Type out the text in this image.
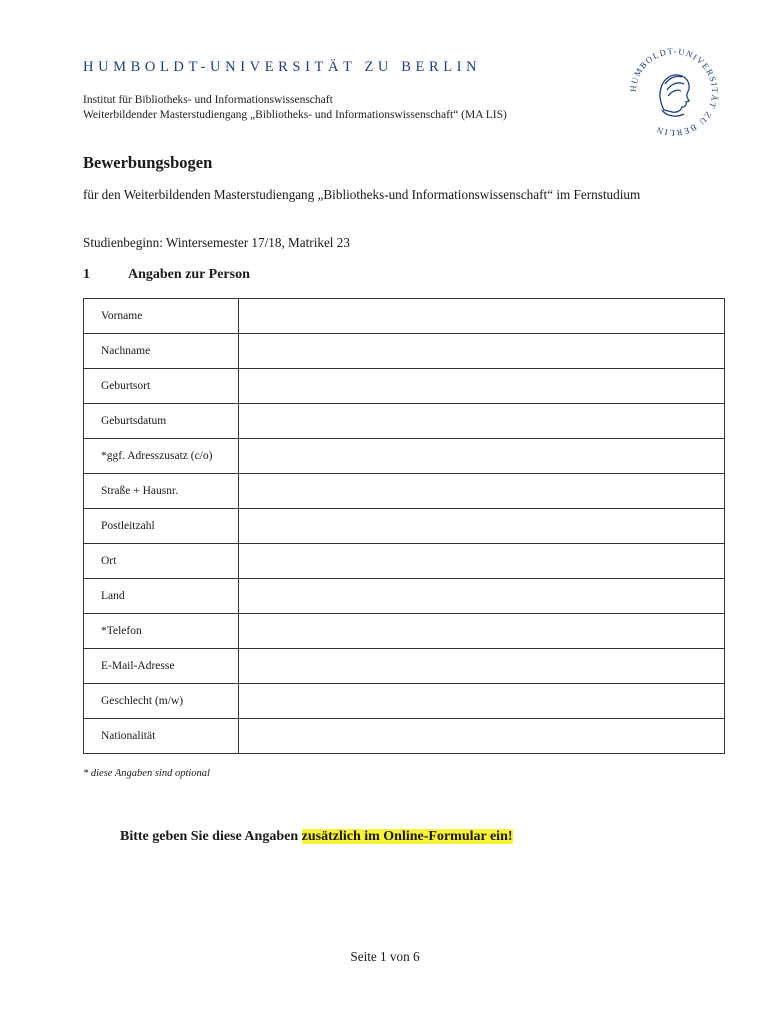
HUMBOLDT-UNIVERSITÄT ZU BERLIN
Institut für Bibliotheks- und Informationswissenschaft
Weiterbildender Masterstudiengang „Bibliotheks- und Informationswissenschaft“ (MA LIS)
HUMBOLDT-UNIVERSITÄT ZU BERLIN
Bewerbungsbogen
für den Weiterbildenden Masterstudiengang „Bibliotheks-und Informationswissenschaft“ im Fernstudium
Studienbeginn: Wintersemester 17/18, Matrikel 23
1	Angaben zur Person
Vorname	
Nachname	
Geburtsort	
Geburtsdatum	
*ggf. Adresszusatz (c/o)	
Straße + Hausnr.	
Postleitzahl	
Ort	
Land	
*Telefon	
E-Mail-Adresse	
Geschlecht (m/w)	
Nationalität	
* diese Angaben sind optional
Bitte geben Sie diese Angaben zusätzlich im Online-Formular ein!
Seite 1 von 6
